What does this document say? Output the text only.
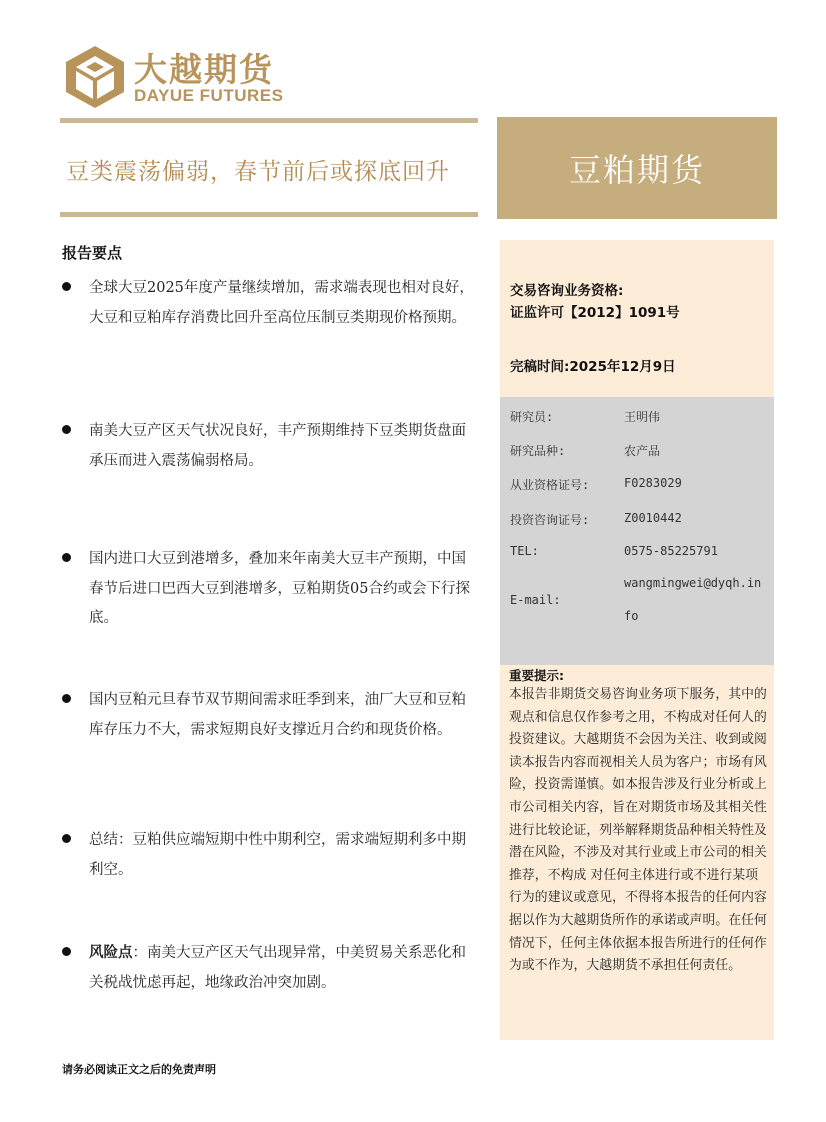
大越期货
DAYUE FUTURES
豆类震荡偏弱，春节前后或探底回升	豆粕期货
报告要点
全球大豆2025年度产量继续增加，需求端表现也相对良好，大豆和豆粕库存消费比回升至高位压制豆类期现价格预期。
南美大豆产区天气状况良好，丰产预期维持下豆类期货盘面承压而进入震荡偏弱格局。
国内进口大豆到港增多，叠加来年南美大豆丰产预期，中国春节后进口巴西大豆到港增多，豆粕期货05合约或会下行探底。
国内豆粕元旦春节双节期间需求旺季到来，油厂大豆和豆粕库存压力不大，需求短期良好支撑近月合约和现货价格。
总结：豆粕供应端短期中性中期利空，需求端短期利多中期利空。
风险点：南美大豆产区天气出现异常，中美贸易关系恶化和关税战忧虑再起，地缘政治冲突加剧。
交易咨询业务资格:
证监许可【2012】1091号
完稿时间:2025年12月9日
研究员:	王明伟
研究品种:	农产品
从业资格证号:	F0283029
投资咨询证号:	Z0010442
TEL:	0575-85225791
E-mail:
wangmingwei@dyqh.in
fo
重要提示:
本报告非期货交易咨询业务项下服务，其中的观点和信息仅作参考之用，不构成对任何人的投资建议。大越期货不会因为关注、收到或阅读本报告内容而视相关人员为客户；市场有风险，投资需谨慎。如本报告涉及行业分析或上市公司相关内容，旨在对期货市场及其相关性进行比较论证，列举解释期货品种相关特性及潜在风险，不涉及对其行业或上市公司的相关推荐，不构成 对任何主体进行或不进行某项行为的建议或意见，不得将本报告的任何内容据以作为大越期货所作的承诺或声明。在任何情况下，任何主体依据本报告所进行的任何作为或不作为，大越期货不承担任何责任。
请务必阅读正文之后的免责声明
